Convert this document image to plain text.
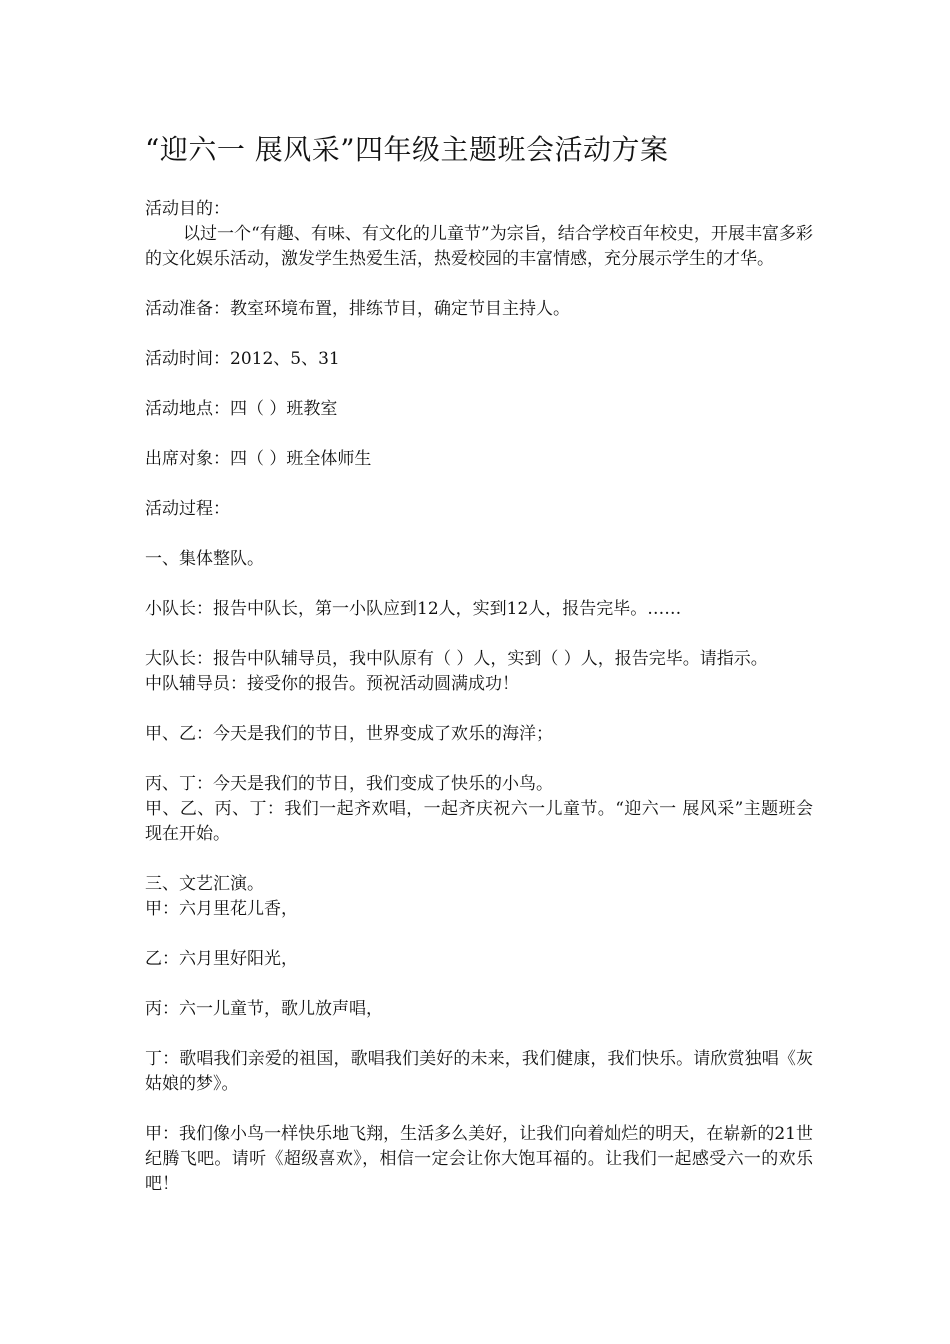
“迎六一 展风采”四年级主题班会活动方案

活动目的：

以过一个“有趣、有味、有文化的儿童节”为宗旨，结合学校百年校史，开展丰富多彩的文化娱乐活动，激发学生热爱生活，热爱校园的丰富情感，充分展示学生的才华。

活动准备：教室环境布置，排练节目，确定节目主持人。

活动时间：2012、5、31

活动地点：四（ ）班教室

出席对象：四（ ）班全体师生

活动过程：

一、集体整队。

小队长：报告中队长，第一小队应到12人，实到12人，报告完毕。……

大队长：报告中队辅导员，我中队原有（ ）人，实到（ ）人，报告完毕。请指示。

中队辅导员：接受你的报告。预祝活动圆满成功！

甲、乙：今天是我们的节日，世界变成了欢乐的海洋；

丙、丁：今天是我们的节日，我们变成了快乐的小鸟。

甲、乙、丙、丁：我们一起齐欢唱，一起齐庆祝六一儿童节。“迎六一 展风采”主题班会现在开始。

三、文艺汇演。

甲：六月里花儿香，

乙：六月里好阳光，

丙：六一儿童节，歌儿放声唱，

丁：歌唱我们亲爱的祖国，歌唱我们美好的未来，我们健康，我们快乐。请欣赏独唱《灰姑娘的梦》。

甲：我们像小鸟一样快乐地飞翔，生活多么美好，让我们向着灿烂的明天，在崭新的21世纪腾飞吧。请听《超级喜欢》，相信一定会让你大饱耳福的。让我们一起感受六一的欢乐吧！
